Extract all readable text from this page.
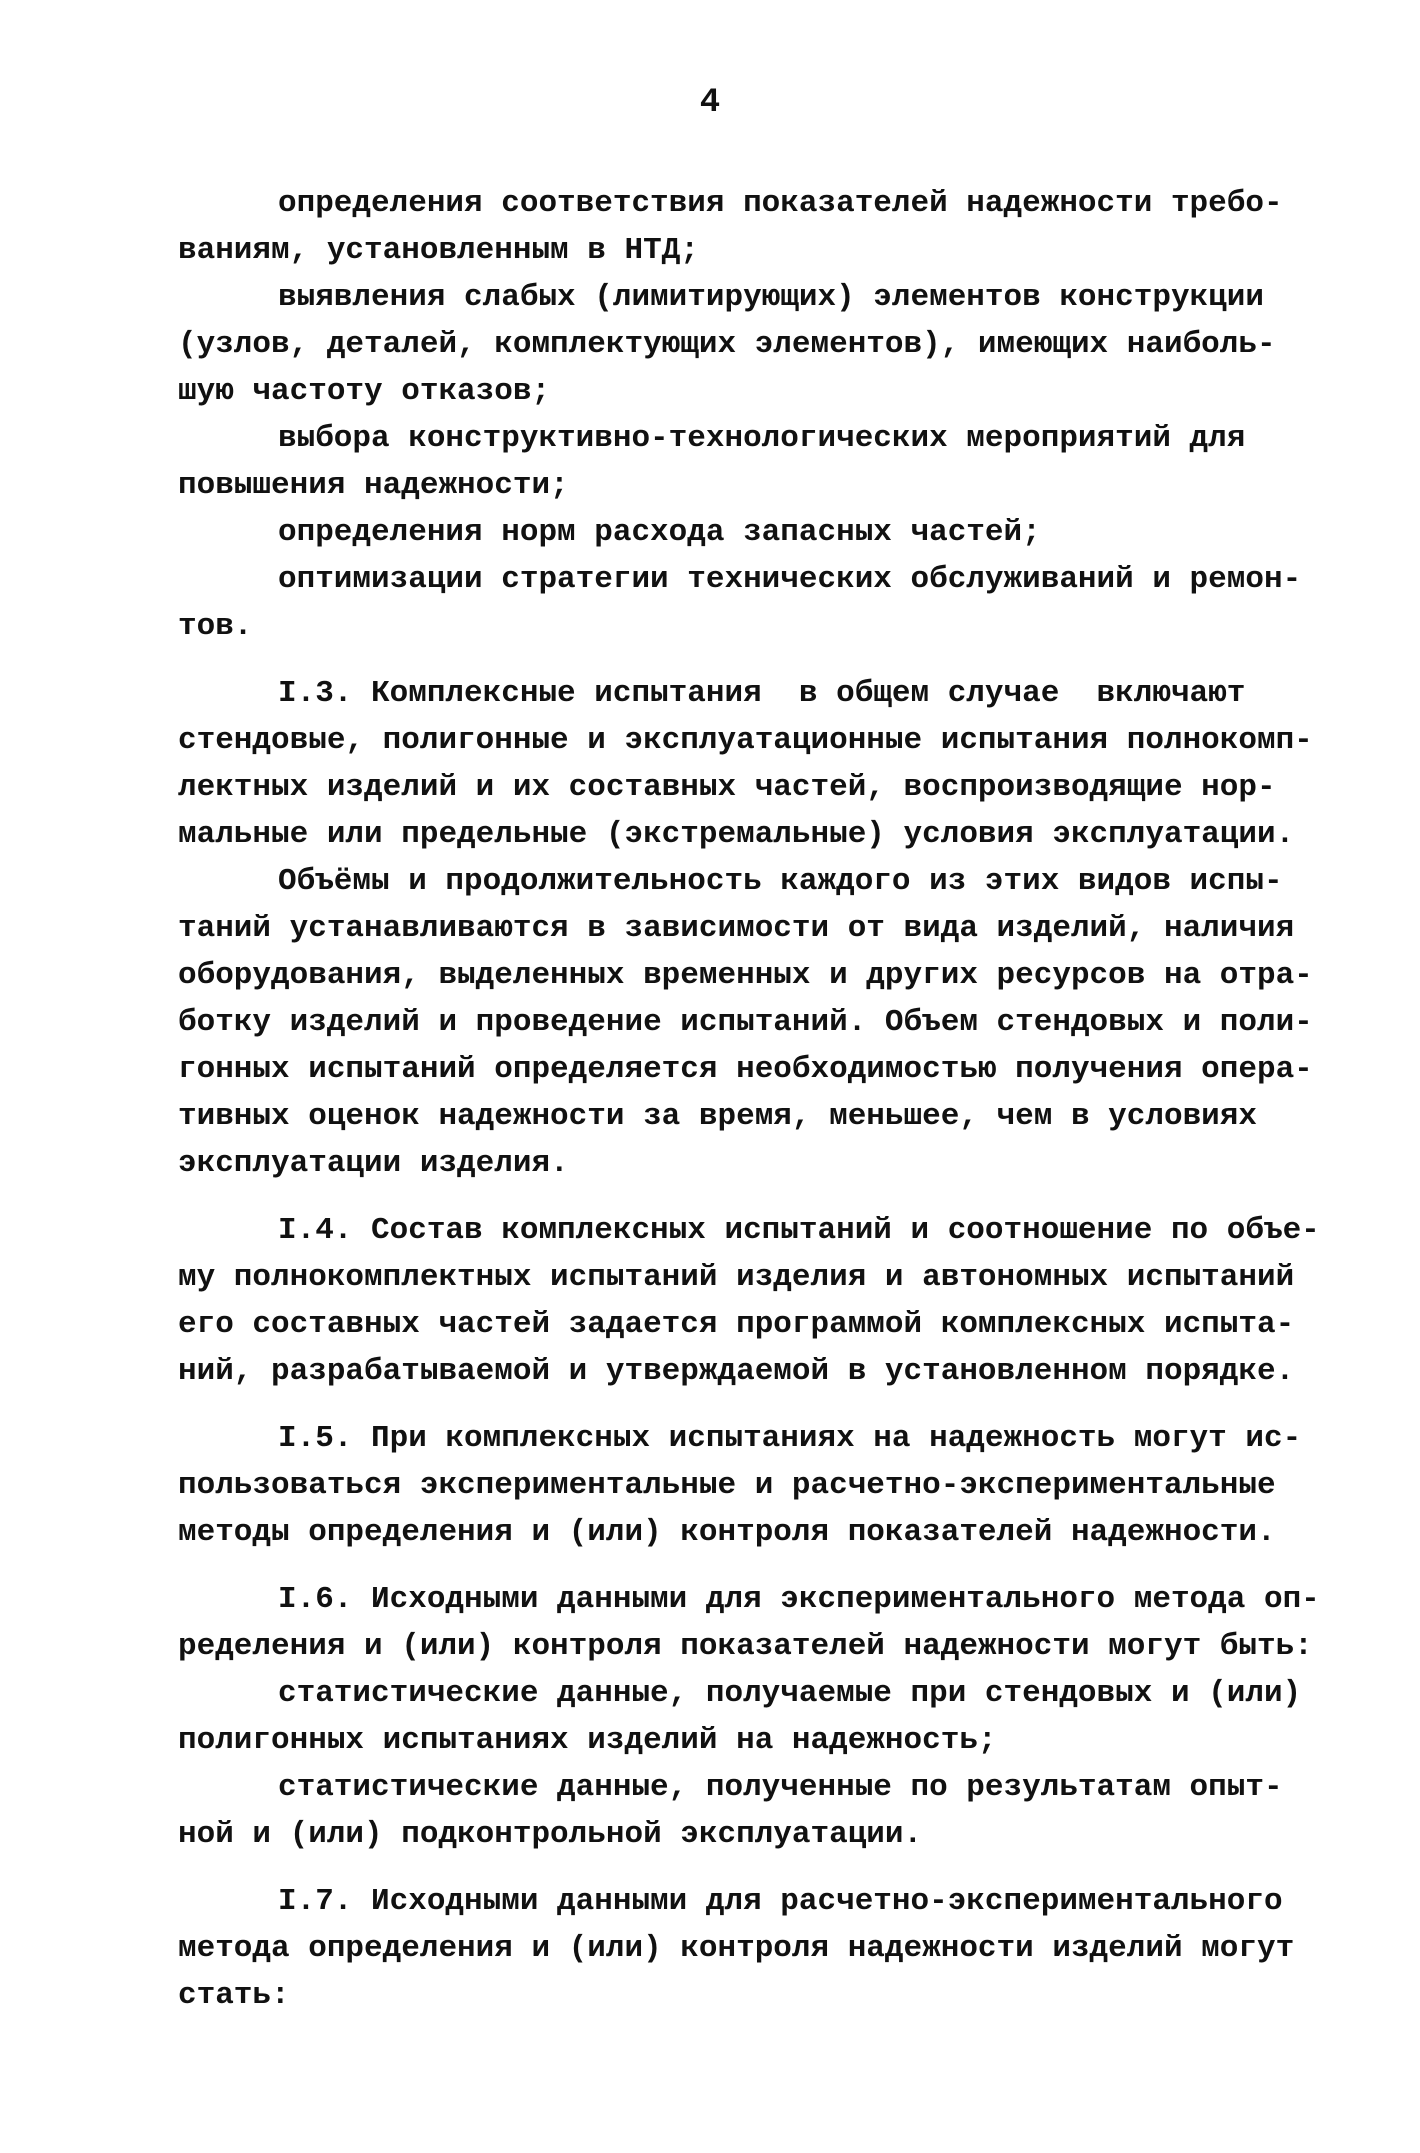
4
определения соответствия показателей надежности требо-
ваниям, установленным в НТД;
выявления слабых (лимитирующих) элементов конструкции
(узлов, деталей, комплектующих элементов), имеющих наиболь-
шую частоту отказов;
выбора конструктивно-технологических мероприятий для
повышения надежности;
определения норм расхода запасных частей;
оптимизации стратегии технических обслуживаний и ремон-
тов.
I.3. Комплексные испытания  в общем случае  включают
стендовые, полигонные и эксплуатационные испытания полнокомп-
лектных изделий и их составных частей, воспроизводящие нор-
мальные или предельные (экстремальные) условия эксплуатации.
Объёмы и продолжительность каждого из этих видов испы-
таний устанавливаются в зависимости от вида изделий, наличия
оборудования, выделенных временных и других ресурсов на отра-
ботку изделий и проведение испытаний. Объем стендовых и поли-
гонных испытаний определяется необходимостью получения опера-
тивных оценок надежности за время, меньшее, чем в условиях
эксплуатации изделия.
I.4. Состав комплексных испытаний и соотношение по объе-
му полнокомплектных испытаний изделия и автономных испытаний
его составных частей задается программой комплексных испыта-
ний, разрабатываемой и утверждаемой в установленном порядке.
I.5. При комплексных испытаниях на надежность могут ис-
пользоваться экспериментальные и расчетно-экспериментальные
методы определения и (или) контроля показателей надежности.
I.6. Исходными данными для экспериментального метода оп-
ределения и (или) контроля показателей надежности могут быть:
статистические данные, получаемые при стендовых и (или)
полигонных испытаниях изделий на надежность;
статистические данные, полученные по результатам опыт-
ной и (или) подконтрольной эксплуатации.
I.7. Исходными данными для расчетно-экспериментального
метода определения и (или) контроля надежности изделий могут
стать:
